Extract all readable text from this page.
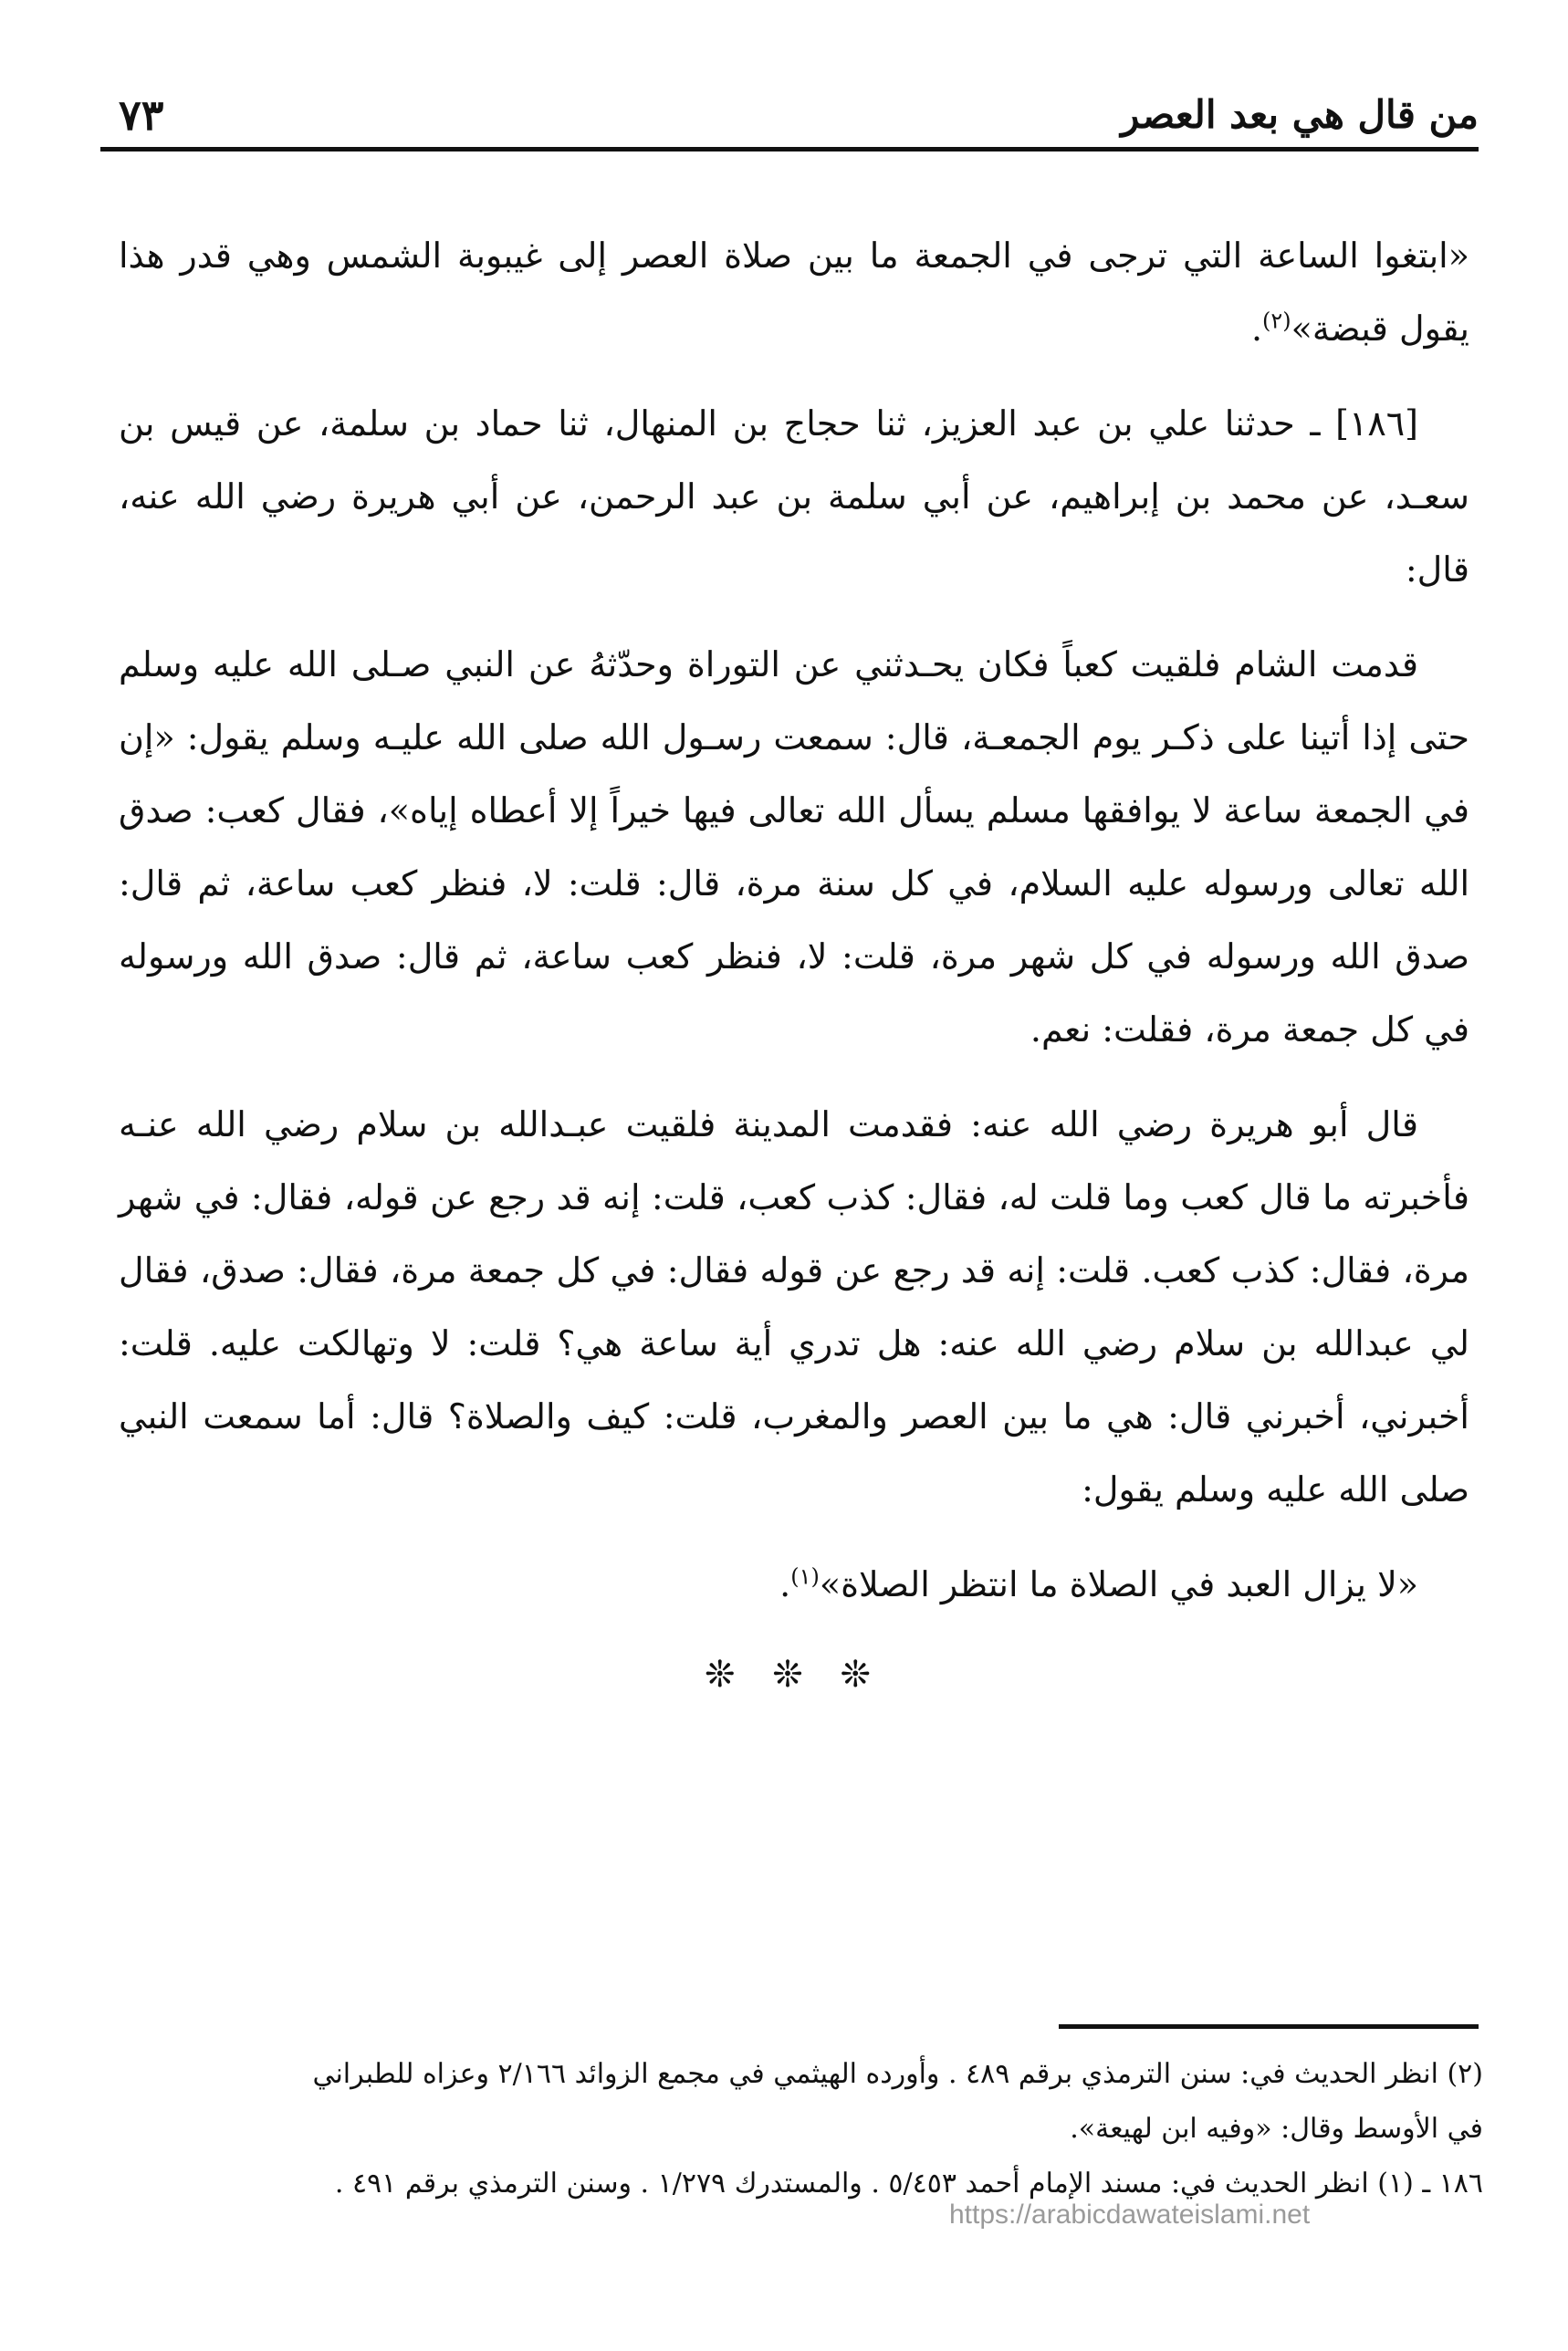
من قال هي بعد العصر
٧٣

«ابتغوا الساعة التي ترجى في الجمعة ما بين صلاة العصر إلى غيبوبة الشمس وهي قدر هذا يقول قبضة»$^{(٢)}$.

[١٨٦] ـ حدثنا علي بن عبد العزيز، ثنا حجاج بن المنهال، ثنا حماد بن سلمة، عن قيس بن سعـد، عن محمد بن إبراهيم، عن أبي سلمة بن عبد الرحمن، عن أبي هريرة رضي الله عنه، قال:

قدمت الشام فلقيت كعباً فكان يحـدثني عن التوراة وحدّثهُ عن النبي صـلى الله عليه وسلم حتى إذا أتينا على ذكـر يوم الجمعـة، قال: سمعت رسـول الله صلى الله عليـه وسلم يقول: «إن في الجمعة ساعة لا يوافقها مسلم يسأل الله تعالى فيها خيراً إلا أعطاه إياه»، فقال كعب: صدق الله تعالى ورسوله عليه السلام، في كل سنة مرة، قال: قلت: لا، فنظر كعب ساعة، ثم قال: صدق الله ورسوله في كل شهر مرة، قلت: لا، فنظر كعب ساعة، ثم قال: صدق الله ورسوله في كل جمعة مرة، فقلت: نعم.

قال أبو هريرة رضي الله عنه: فقدمت المدينة فلقيت عبـدالله بن سلام رضي الله عنـه فأخبرته ما قال كعب وما قلت له، فقال: كذب كعب، قلت: إنه قد رجع عن قوله، فقال: في شهر مرة، فقال: كذب كعب. قلت: إنه قد رجع عن قوله فقال: في كل جمعة مرة، فقال: صدق، فقال لي عبدالله بن سلام رضي الله عنه: هل تدري أية ساعة هي؟ قلت: لا وتهالكت عليه. قلت: أخبرني، أخبرني قال: هي ما بين العصر والمغرب، قلت: كيف والصلاة؟ قال: أما سمعت النبي صلى الله عليه وسلم يقول:

«لا يزال العبد في الصلاة ما انتظر الصلاة»$^{(١)}$.

❊ ❊ ❊

(٢) انظر الحديث في: سنن الترمذي برقم ٤٨٩ . وأورده الهيثمي في مجمع الزوائد ٢/١٦٦ وعزاه للطبراني

في الأوسط وقال: «وفيه ابن لهيعة».

١٨٦ ـ (١) انظر الحديث في: مسند الإمام أحمد ٥/٤٥٣ . والمستدرك ١/٢٧٩ . وسنن الترمذي برقم ٤٩١ .

https://arabicdawateislami.net
